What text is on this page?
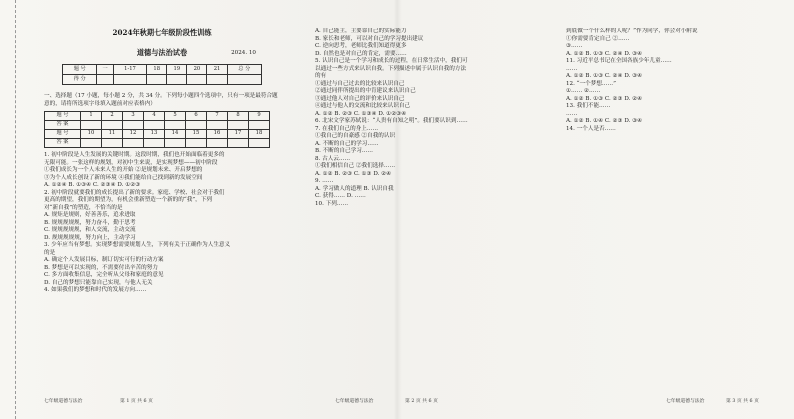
2024年秋期七年级阶段性训练
道德与法治试卷	2024. 10
题 号	一	1-17	18	19	20	21	总 分
得 分							

一、选择题（17 小题，每小题 2 分，共 34 分。下列每小题四个选项中，只有一项是最符合题意的，请将所选项字母填入题前对应表格内）

题 号	1	2	3	4	5	6	7	8	9
答 案									
题 号	10	11	12	13	14	15	16	17	18
答 案									

1. 初中阶段是人生发展的关键时期。这段时期，我们也开始面临着更多的

无限可能。一张这样的规划，对初中生来说，是实现梦想——初中阶段

①我们成长为一个人未来人生的开始 ②是规划未来、开启梦想的

③为个人成长创设了新的环境 ④我们能给自己找到新的发展空间

A. ①②④ B. ①③④ C. ②③④ D. ①②③

2. 初中阶段就要我们的成长提出了新的要求。家庭、学校、社会对于我们

更高的期望，我们的期望为，有机会重新塑造一个新的的“我”，下列

对“新自我”的塑造，不恰当的是

A. 规矩是规则，好善善乐，追求进取

B. 规规规规规，努力奋斗，勤于思考

C. 规规规规规，和人交流，主动交流

D. 规规规规规，努力向上，主动学习

3. 少年应当有梦想。实现梦想需要规划人生，下列有关于正确作为人生意义

的是

A. 确定个人发展目标，制订切实可行的行动方案

B. 梦想是可以实现的，不需要付出辛苦的努力

C. 多方面收集信息，完全听从父母和家庭的意见

D. 自己的梦想只能靠自己实现，与他人无关

4. 如果我们的梦想和时代的发展方向……

A. 自己能主，主要靠自己的实际能力

B. 家长和老师，可以对自己的学习提出建议

C. 逆向思考，老师比我们知道得更多

D. 自然也是对自己的肯定，需要……

5. 认识自己是一个学习和成长的过程，在日常生活中，我们可

以通过一些方式来认识自我。下列描述中属于认识自我的方法

的有

①通过与自己过去的比较来认识自己

②通过同伴所提出的中肯建议来认识自己

③通过他人对自己的评价来认识自己

④通过与他人的交流和比较来认识自己

A. ①② B. ②③ C. ①③④ D. ①②③④

6. 北宋文学家苏轼说：“人贵有自知之明”。我们要认识到……

7. 在我们自己的身上……

①我自己的自豪感 ②自我的认识

A. 不断的自己的学习……

B. 不断的自己学习……

8. 古人云……

①我们相信自己 ②我们选择……

A. ①② B. ②③ C. ①③ D. ②④

9. ……

A. 学习做人的道理 B. 认识自我

C. 获得…… D. ……

10. 下列……

到底做一个什么样的人呢？”作为同学，你会对小附说

①你需要肯定自己 ②……

③……

A. ①② B. ①③ C. ②④ D. ③④

11. 习近平总书记在全国各族少年儿童……

……

A. ①② B. ①③ C. ②④ D. ③④

12. “一个梦想……”

①…… ②……

A. ①② B. ①③ C. ②③ D. ②④

13. 我们不能……

……

A. ①② B. ①④ C. ②③ D. ③④

14. 一个人是否……

七年级道德与法治	第 1 页 共 6 页	七年级道德与法治	第 2 页 共 6 页	七年级道德与法治	第 3 页 共 6 页
